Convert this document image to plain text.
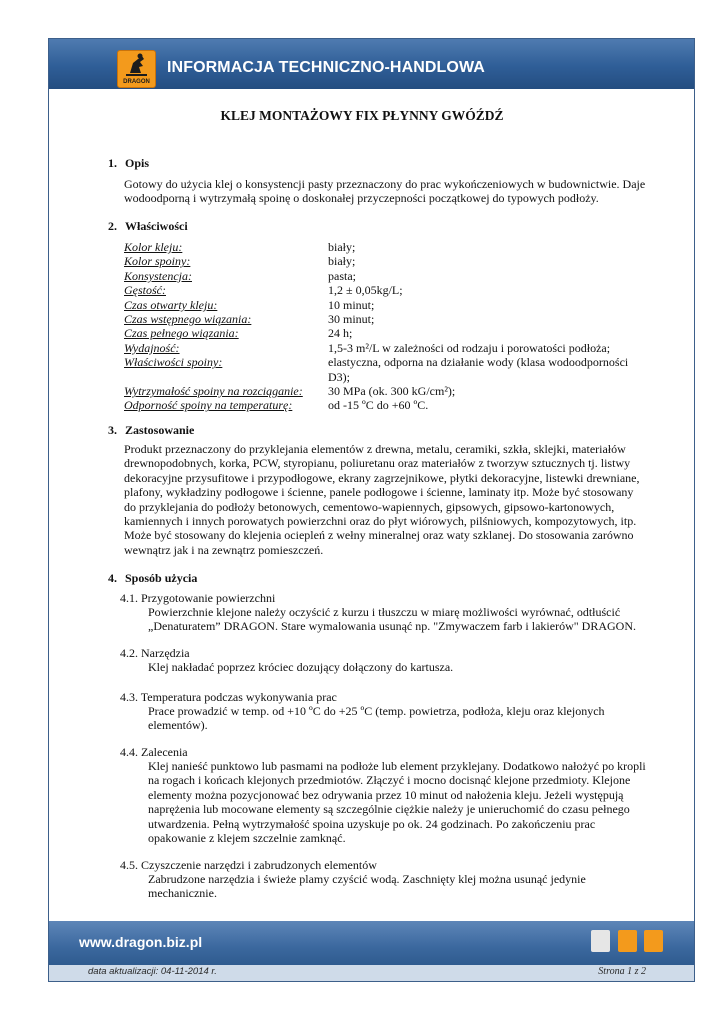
DRAGON
INFORMACJA TECHNICZNO-HANDLOWA
www.dragon.biz.pl
data aktualizacji: 04-11-2014 r.	Strona 1 z 2
KLEJ MONTAŻOWY FIX PŁYNNY GWÓŹDŹ
1. Opis
Gotowy do użycia klej o konsystencji pasty przeznaczony do prac wykończeniowych w budownictwie. Daje
wodoodporną i wytrzymałą spoinę o doskonałej przyczepności początkowej do typowych podłoży.
2. Właściwości
Kolor kleju:	biały;
Kolor spoiny:	biały;
Konsystencja:	pasta;
Gęstość:	1,2 ± 0,05kg/L;
Czas otwarty kleju:	10 minut;
Czas wstępnego wiązania:	30 minut;
Czas pełnego wiązania:	24 h;
Wydajność:	1,5-3 m²/L w zależności od rodzaju i porowatości podłoża;
Właściwości spoiny:	elastyczna, odporna na działanie wody (klasa wodoodporności D3);
Wytrzymałość spoiny na rozciąganie:	30 MPa (ok. 300 kG/cm²);
Odporność spoiny na temperaturę:	od -15 ºC do +60 ºC.
3. Zastosowanie
Produkt przeznaczony do przyklejania elementów z drewna, metalu, ceramiki, szkła, sklejki, materiałów
drewnopodobnych, korka, PCW, styropianu, poliuretanu oraz materiałów z tworzyw sztucznych tj. listwy
dekoracyjne przysufitowe i przypodłogowe, ekrany zagrzejnikowe, płytki dekoracyjne, listewki drewniane,
plafony, wykładziny podłogowe i ścienne, panele podłogowe i ścienne, laminaty itp. Może być stosowany
do przyklejania do podłoży betonowych, cementowo-wapiennych, gipsowych, gipsowo-kartonowych,
kamiennych i innych porowatych powierzchni oraz do płyt wiórowych, pilśniowych, kompozytowych, itp.
Może być stosowany do klejenia ociepleń z wełny mineralnej oraz waty szklanej. Do stosowania zarówno
wewnątrz jak i na zewnątrz pomieszczeń.
4. Sposób użycia
4.1. Przygotowanie powierzchni
Powierzchnie klejone należy oczyścić z kurzu i tłuszczu w miarę możliwości wyrównać, odtłuścić
„Denaturatem” DRAGON. Stare wymalowania usunąć np. "Zmywaczem farb i lakierów" DRAGON.
4.2. Narzędzia
Klej nakładać poprzez króciec dozujący dołączony do kartusza.
4.3. Temperatura podczas wykonywania prac
Prace prowadzić w temp. od +10 ºC do +25 ºC (temp. powietrza, podłoża, kleju oraz klejonych
elementów).
4.4. Zalecenia
Klej nanieść punktowo lub pasmami na podłoże lub element przyklejany. Dodatkowo nałożyć po kropli
na rogach i końcach klejonych przedmiotów. Złączyć i mocno docisnąć klejone przedmioty. Klejone
elementy można pozycjonować bez odrywania przez 10 minut od nałożenia kleju. Jeżeli występują
naprężenia lub mocowane elementy są szczególnie ciężkie należy je unieruchomić do czasu pełnego
utwardzenia. Pełną wytrzymałość spoina uzyskuje po ok. 24 godzinach. Po zakończeniu prac
opakowanie z klejem szczelnie zamknąć.
4.5. Czyszczenie narzędzi i zabrudzonych elementów
Zabrudzone narzędzia i świeże plamy czyścić wodą. Zaschnięty klej można usunąć jedynie
mechanicznie.
